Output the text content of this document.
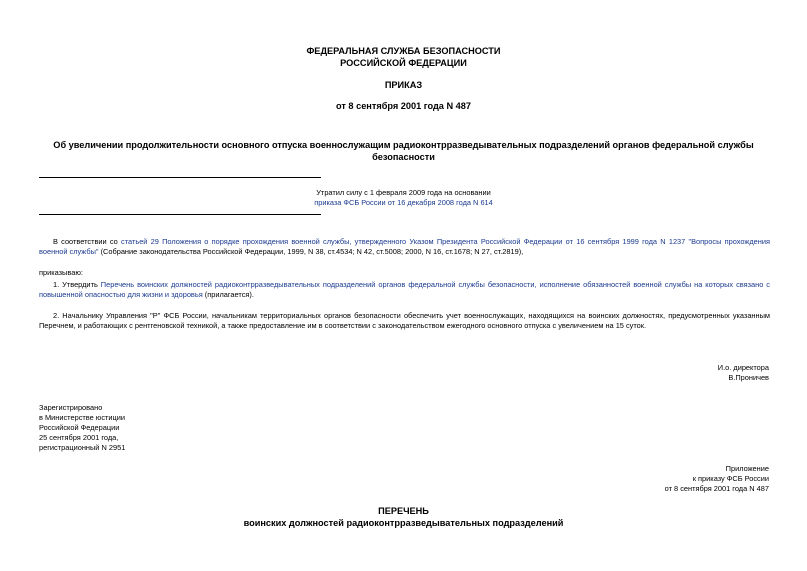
ФЕДЕРАЛЬНАЯ СЛУЖБА БЕЗОПАСНОСТИ
РОССИЙСКОЙ ФЕДЕРАЦИИ
ПРИКАЗ
от 8 сентября 2001 года N 487
Об увеличении продолжительности основного отпуска военнослужащим радиоконтрразведывательных подразделений органов федеральной службы
безопасности
Утратил силу с 1 февраля 2009 года на основании
приказа ФСБ России от 16 декабря 2008 года N 614

В соответствии со статьей 29 Положения о порядке прохождения военной службы, утвержденного Указом Президента Российской Федерации от 16 сентября 1999 года N 1237 "Вопросы прохождения военной службы" (Собрание законодательства Российской Федерации, 1999, N 38, ст.4534; N 42, ст.5008; 2000, N 16, ст.1678; N 27, ст.2819),

приказываю:

1. Утвердить Перечень воинских должностей радиоконтрразведывательных подразделений органов федеральной службы безопасности, исполнение обязанностей военной службы на которых связано с повышенной опасностью для жизни и здоровья (прилагается).

2. Начальнику Управления "Р" ФСБ России, начальникам территориальных органов безопасности обеспечить учет военнослужащих, находящихся на воинских должностях, предусмотренных указанным Перечнем, и работающих с рентгеновской техникой, а также предоставление им в соответствии с законодательством ежегодного основного отпуска с увеличением на 15 суток.

И.о. директора
В.Проничев
Зарегистрировано
в Министерстве юстиции
Российской Федерации
25 сентября 2001 года,
регистрационный N 2951
Приложение
к приказу ФСБ России
от 8 сентября 2001 года N 487
ПЕРЕЧЕНЬ
воинских должностей радиоконтрразведывательных подразделений
